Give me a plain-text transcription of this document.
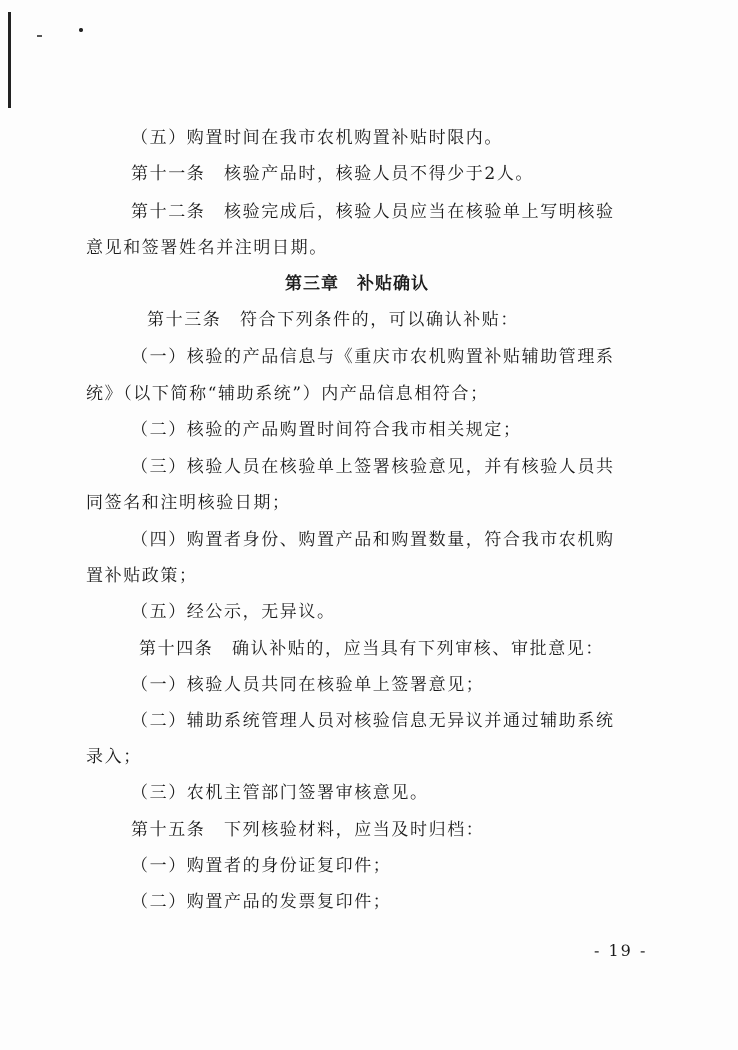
（五）购置时间在我市农机购置补贴时限内。
第十一条　核验产品时，核验人员不得少于2人。
第十二条　核验完成后，核验人员应当在核验单上写明核验
意见和签署姓名并注明日期。
第三章　补贴确认
第十三条　符合下列条件的，可以确认补贴：
（一）核验的产品信息与《重庆市农机购置补贴辅助管理系
统》（以下简称“辅助系统”）内产品信息相符合；
（二）核验的产品购置时间符合我市相关规定；
（三）核验人员在核验单上签署核验意见，并有核验人员共
同签名和注明核验日期；
（四）购置者身份、购置产品和购置数量，符合我市农机购
置补贴政策；
（五）经公示，无异议。
第十四条　确认补贴的，应当具有下列审核、审批意见：
（一）核验人员共同在核验单上签署意见；
（二）辅助系统管理人员对核验信息无异议并通过辅助系统
录入；
（三）农机主管部门签署审核意见。
第十五条　下列核验材料，应当及时归档：
（一）购置者的身份证复印件；
（二）购置产品的发票复印件；
- 19 -
